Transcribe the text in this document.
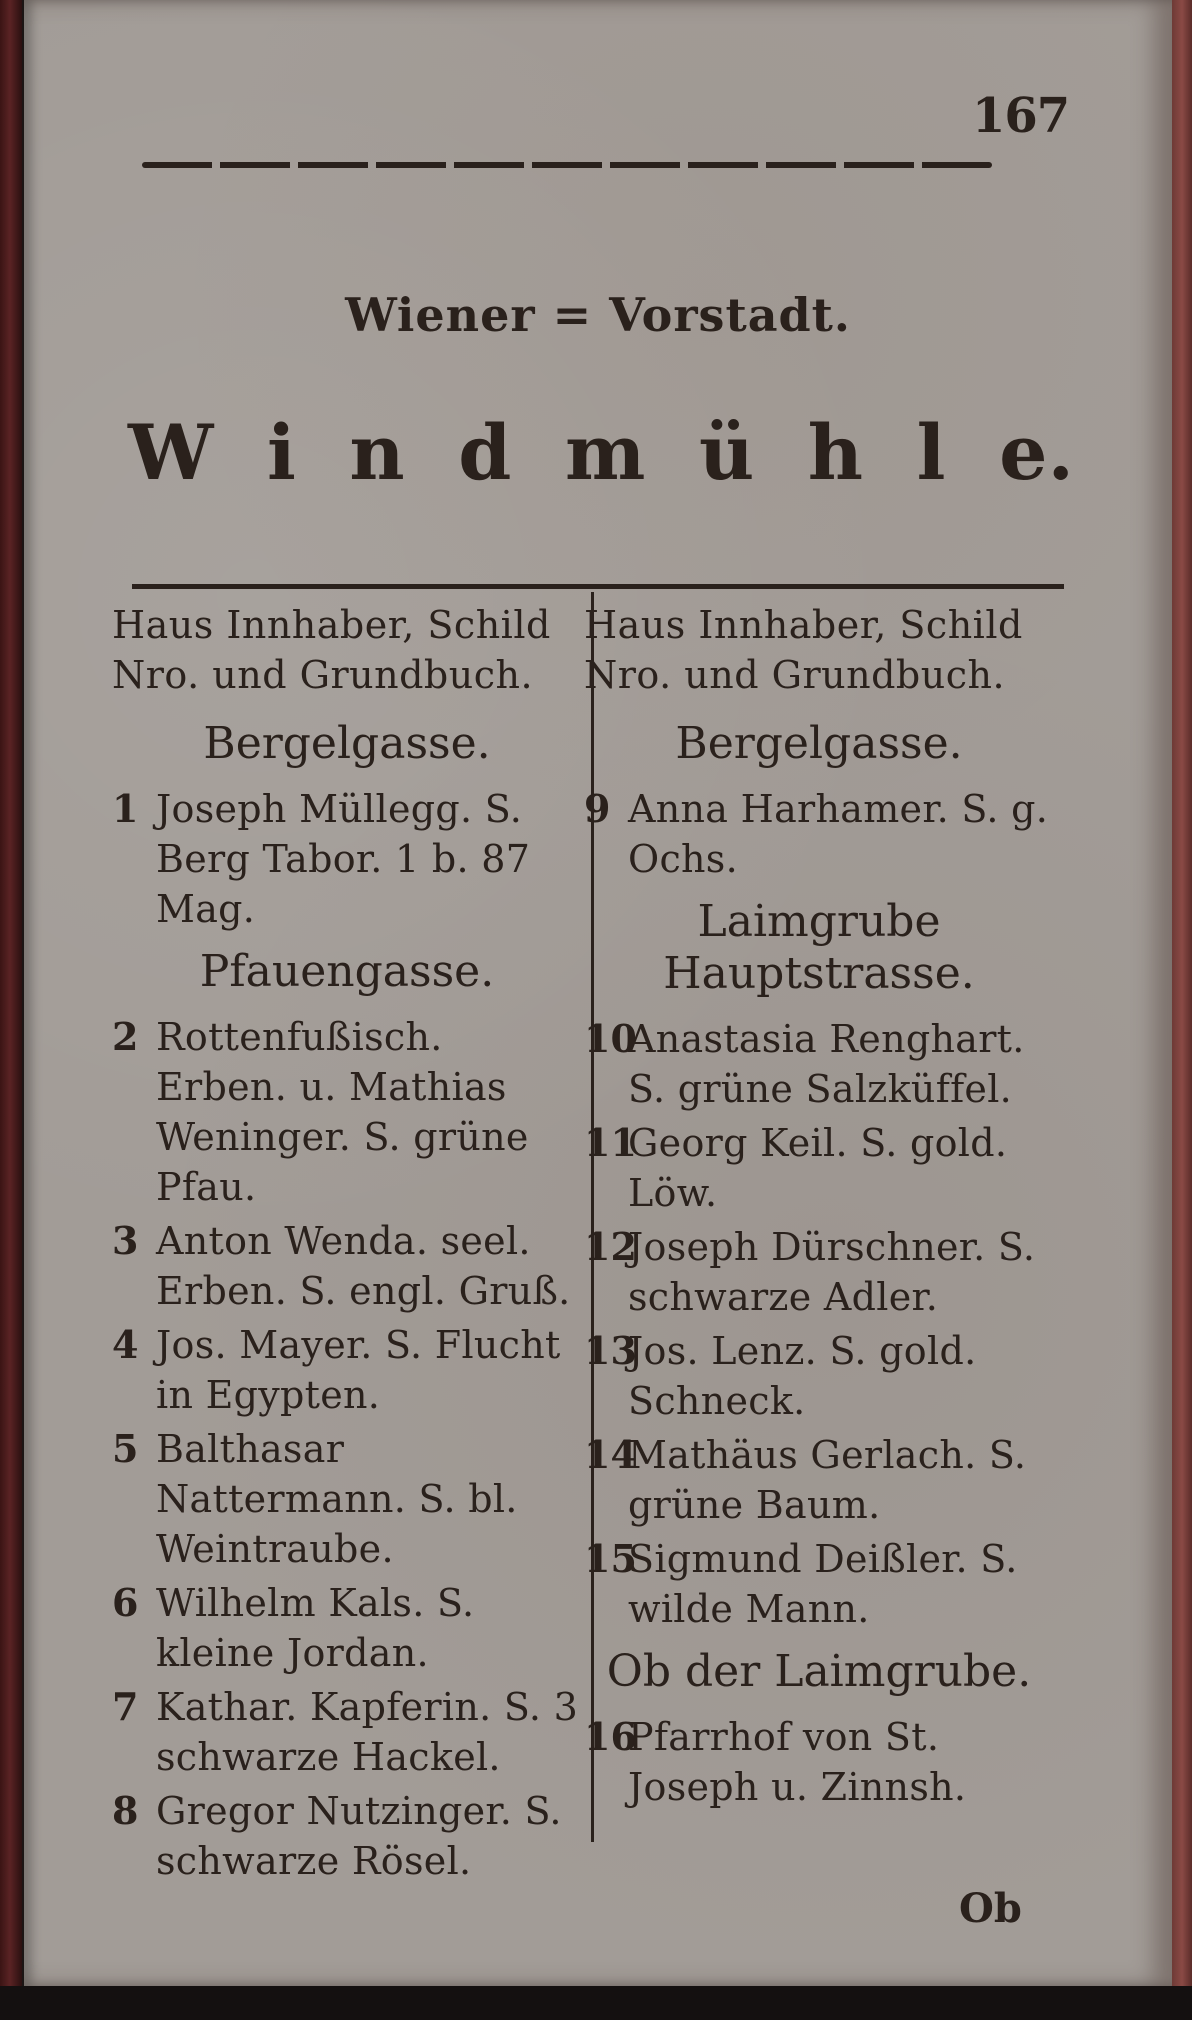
167
Wiener = Vorstadt.
W i n d m ü h l e.
Haus Innhaber, Schild
Nro. und Grundbuch.
Bergelgasse.
1 Joseph Müllegg. S. Berg Tabor. 1 b. 87 Mag.
Pfauengasse.
2 Rottenfußisch. Erben. u. Mathias Weninger. S. grüne Pfau.
3 Anton Wenda. seel. Erben. S. engl. Gruß.
4 Jos. Mayer. S. Flucht in Egypten.
5 Balthasar Nattermann. S. bl. Weintraube.
6 Wilhelm Kals. S. kleine Jordan.
7 Kathar. Kapferin. S. 3 schwarze Hackel.
8 Gregor Nutzinger. S. schwarze Rösel.
Haus Innhaber, Schild
Nro. und Grundbuch.
Bergelgasse.
9 Anna Harhamer. S. g. Ochs.
Laimgrube Hauptstrasse.
10
Anastasia Renghart. S. grüne Salzküffel.
11
Georg Keil. S. gold. Löw.
12
Joseph Dürschner. S. schwarze Adler.
13
Jos. Lenz. S. gold. Schneck.
14
Mathäus Gerlach. S. grüne Baum.
15
Sigmund Deißler. S. wilde Mann.
Ob der Laimgrube.
16
Pfarrhof von St. Joseph u. Zinnsh.
Ob
